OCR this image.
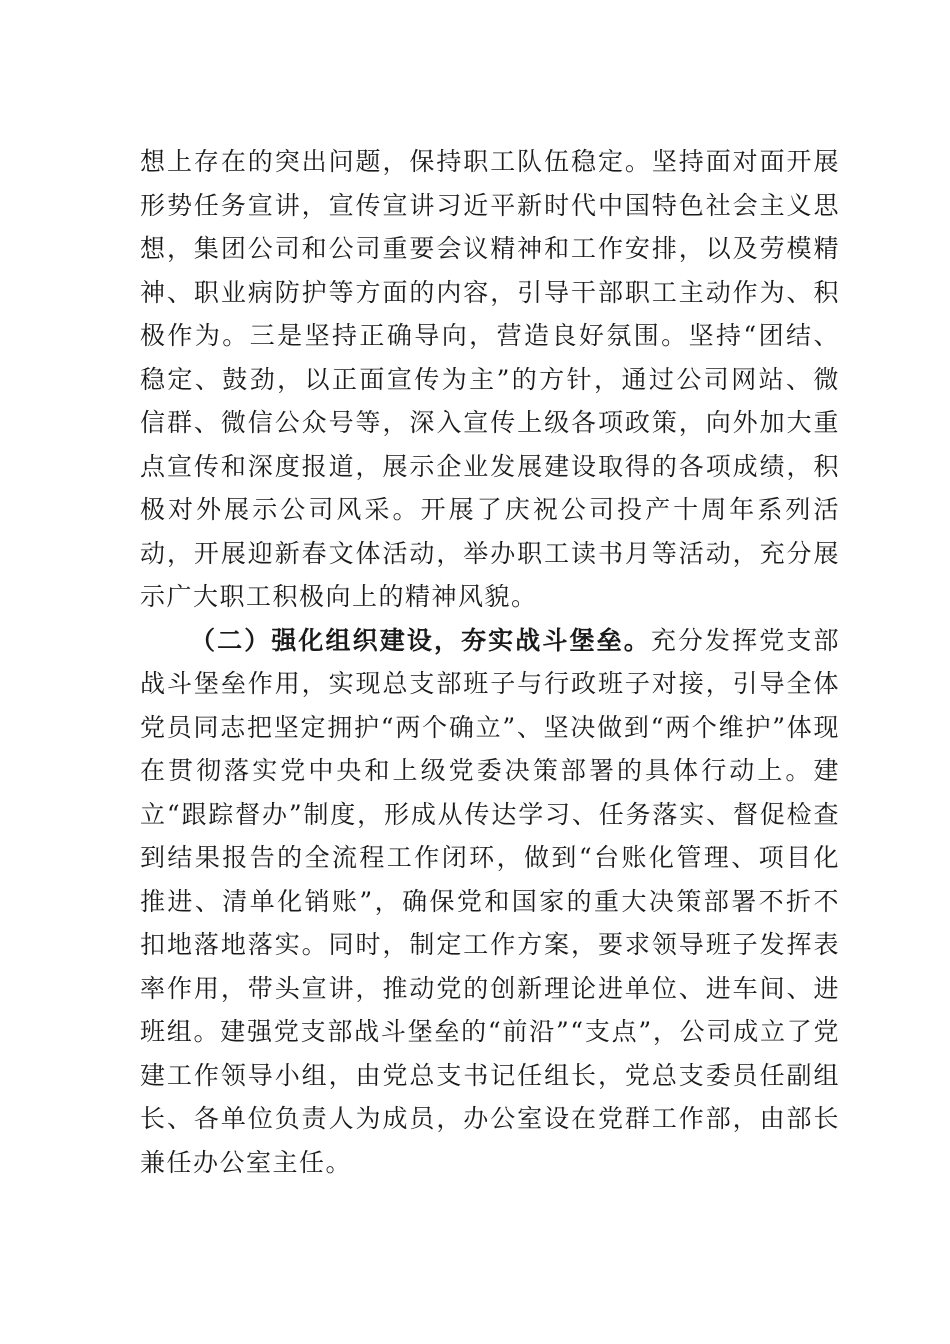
想上存在的突出问题，保持职工队伍稳定。坚持面对面开展形势任务宣讲，宣传宣讲习近平新时代中国特色社会主义思想，集团公司和公司重要会议精神和工作安排，以及劳模精神、职业病防护等方面的内容，引导干部职工主动作为、积极作为。三是坚持正确导向，营造良好氛围。坚持“团结、稳定、鼓劲，以正面宣传为主”的方针，通过公司网站、微信群、微信公众号等，深入宣传上级各项政策，向外加大重点宣传和深度报道，展示企业发展建设取得的各项成绩，积极对外展示公司风采。开展了庆祝公司投产十周年系列活动，开展迎新春文体活动，举办职工读书月等活动，充分展示广大职工积极向上的精神风貌。

（二）强化组织建设，夯实战斗堡垒。充分发挥党支部战斗堡垒作用，实现总支部班子与行政班子对接，引导全体党员同志把坚定拥护“两个确立”、坚决做到“两个维护”体现在贯彻落实党中央和上级党委决策部署的具体行动上。建立“跟踪督办”制度，形成从传达学习、任务落实、督促检查到结果报告的全流程工作闭环，做到“台账化管理、项目化推进、清单化销账”，确保党和国家的重大决策部署不折不扣地落地落实。同时，制定工作方案，要求领导班子发挥表率作用，带头宣讲，推动党的创新理论进单位、进车间、进班组。建强党支部战斗堡垒的“前沿”“支点”，公司成立了党建工作领导小组，由党总支书记任组长，党总支委员任副组长、各单位负责人为成员，办公室设在党群工作部，由部长兼任办公室主任。
